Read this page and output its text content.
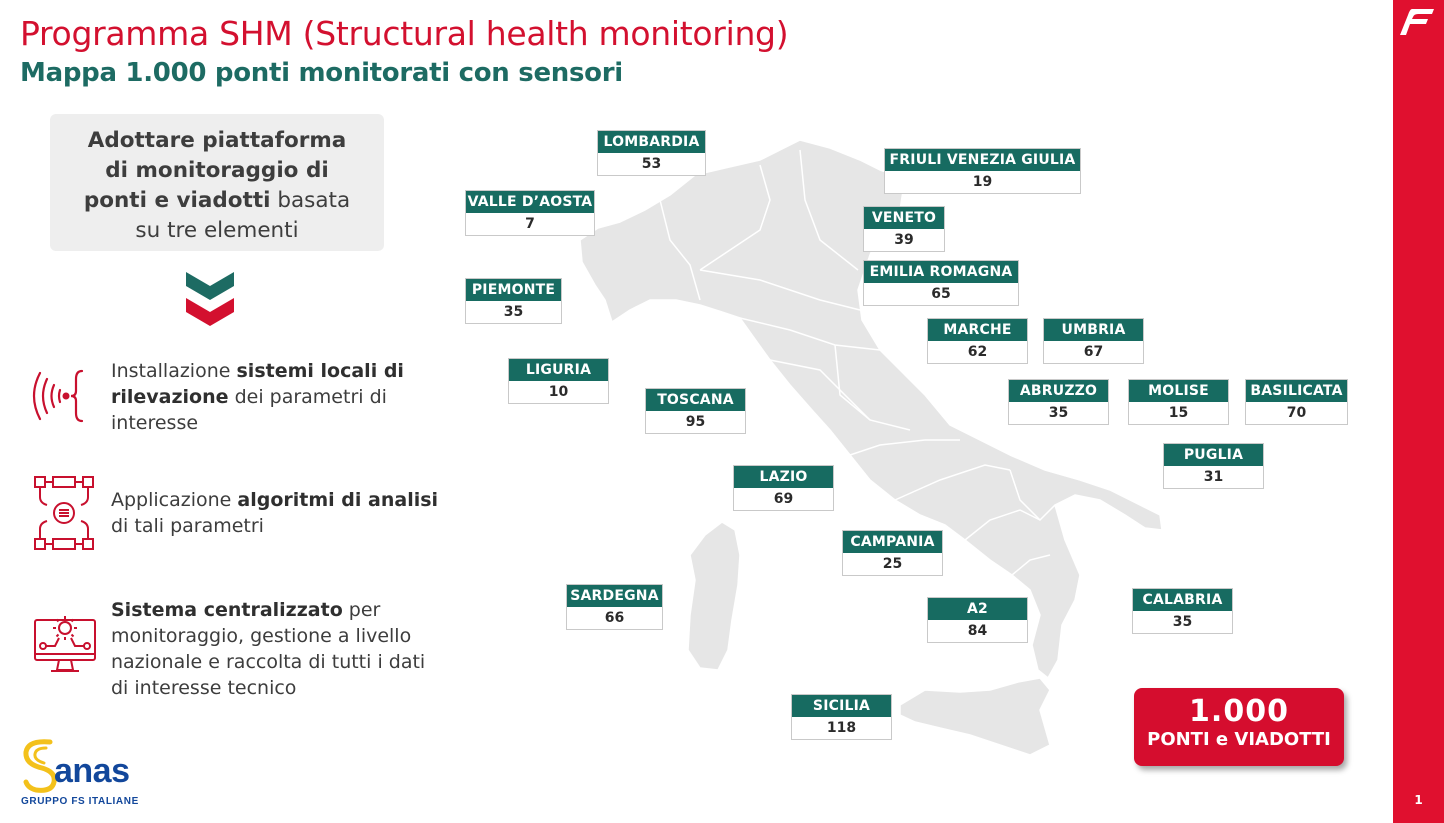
Programma SHM (Structural health monitoring)
Mappa 1.000 ponti monitorati con sensori
1
Adottare piattaforma
di monitoraggio di
ponti e viadotti basata
su tre elementi
Installazione sistemi locali di rilevazione dei parametri di interesse
Applicazione algoritmi di analisi di tali parametri
Sistema centralizzato per monitoraggio, gestione a livello nazionale e raccolta di tutti i dati di interesse tecnico
LOMBARDIA
53
VALLE D’AOSTA
7
PIEMONTE
35
LIGURIA
10	TOSCANA
95
LAZIO
69
CAMPANIA
25
SARDEGNA
66
SICILIA
118
A2
84
FRIULI VENEZIA GIULIA
19
VENETO
39
EMILIA ROMAGNA
65
MARCHE
62
UMBRIA
67
ABRUZZO
35
MOLISE
15
BASILICATA
70
PUGLIA
31
CALABRIA
35
1.000
PONTI e VIADOTTI
anas
GRUPPO FS ITALIANE
